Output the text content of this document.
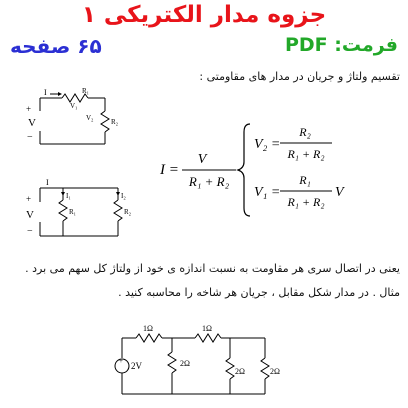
جزوه مدار الکتریکی ۱
فرمت: PDF
۶۵ صفحه
تقسیم ولتاژ و جریان در مدار های مقاومتی :
I
V₁
R₁
V₂	R₂
+
V
−
I
I₁	I₂
R₁	R₂
+
V
−
I =
V
R₁ + R₂
V₂ =
R₂
R₁ + R₂
V₁ =
R₁
R₁ + R₂
V
یعنی در اتصال سری هر مقاومت به نسبت اندازه ی خود از ولتاژ کل سهم می برد .
مثال . در مدار شکل مقابل ، جریان هر شاخه را محاسبه کنید .
+ 2V
1Ω	1Ω
2Ω
2Ω	2Ω
